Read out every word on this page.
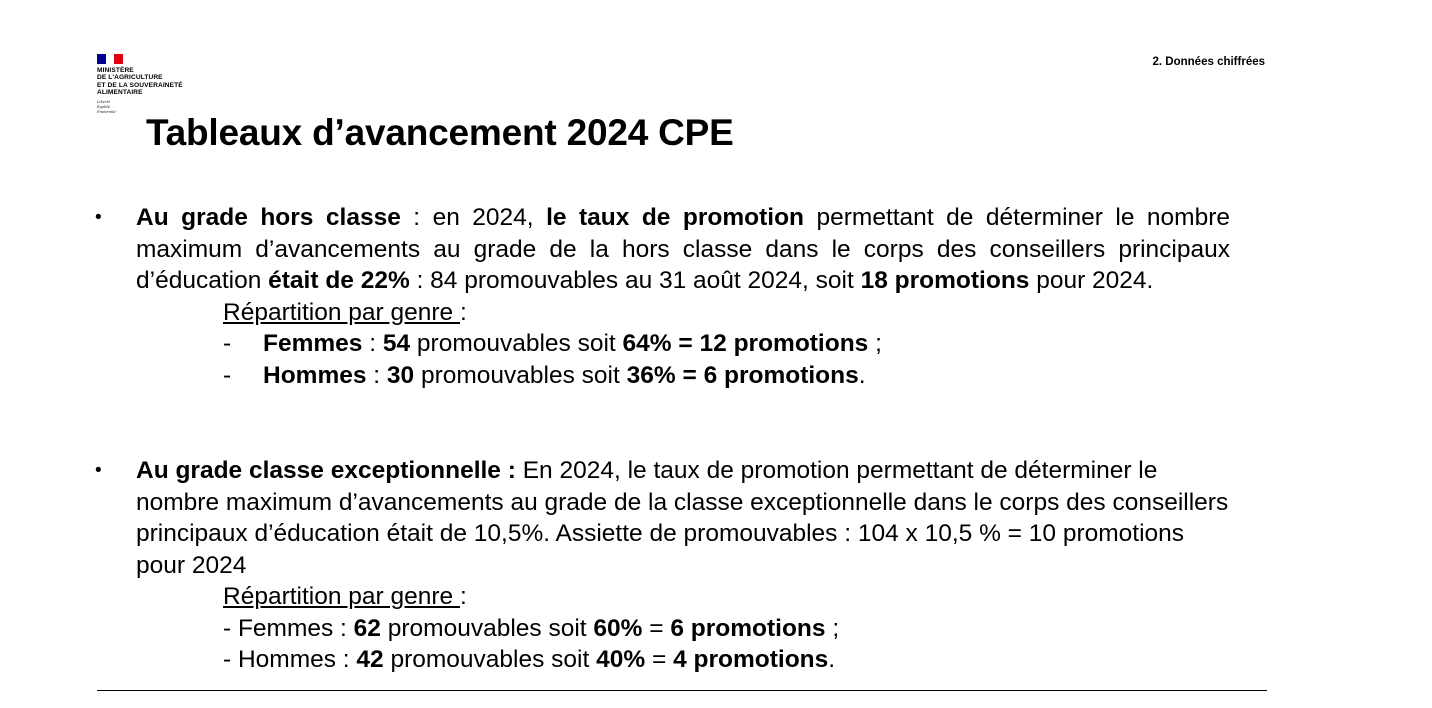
MINISTÈRE
DE L'AGRICULTURE
ET DE LA SOUVERAINETÉ
ALIMENTAIRE
Liberté
Égalité
Fraternité
2. Données chiffrées
Tableaux d’avancement 2024 CPE
• Au grade hors classe : en 2024, le taux de promotion permettant de déterminer le nombre maximum d’avancements au grade de la hors classe dans le corps des conseillers principaux d’éducation était de 22% : 84 promouvables au 31 août 2024, soit 18 promotions pour 2024.

Répartition par genre :
- Femmes : 54 promouvables soit 64% = 12 promotions ;
- Hommes : 30 promouvables soit 36% = 6 promotions.
• Au grade classe exceptionnelle : En 2024, le taux de promotion permettant de déterminer le nombre maximum d’avancements au grade de la classe exceptionnelle dans le corps des conseillers principaux d’éducation était de 10,5%. Assiette de promouvables : 104 x 10,5 % = 10 promotions pour 2024

Répartition par genre :
- Femmes : 62 promouvables soit 60% = 6 promotions ;
- Hommes : 42 promouvables soit 40% = 4 promotions.
